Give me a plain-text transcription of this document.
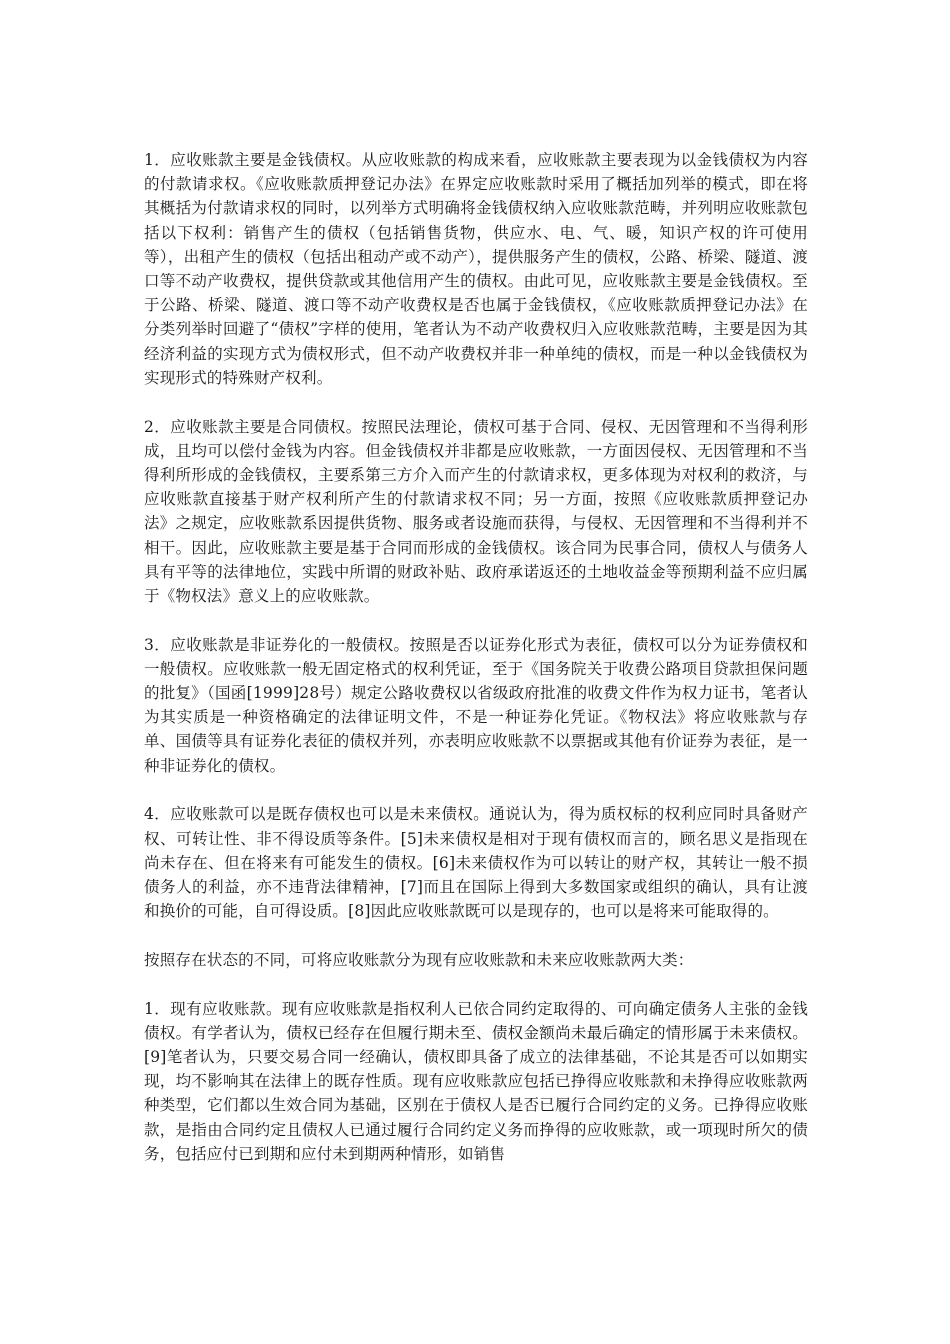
1．应收账款主要是金钱债权。从应收账款的构成来看，应收账款主要表现为以金钱债权为内容的付款请求权。《应收账款质押登记办法》在界定应收账款时采用了概括加列举的模式，即在将其概括为付款请求权的同时，以列举方式明确将金钱债权纳入应收账款范畴，并列明应收账款包括以下权利：销售产生的债权（包括销售货物，供应水、电、气、暖，知识产权的许可使用等），出租产生的债权（包括出租动产或不动产），提供服务产生的债权，公路、桥梁、隧道、渡口等不动产收费权，提供贷款或其他信用产生的债权。由此可见，应收账款主要是金钱债权。至于公路、桥梁、隧道、渡口等不动产收费权是否也属于金钱债权，《应收账款质押登记办法》在分类列举时回避了“债权”字样的使用，笔者认为不动产收费权归入应收账款范畴，主要是因为其经济利益的实现方式为债权形式，但不动产收费权并非一种单纯的债权，而是一种以金钱债权为实现形式的特殊财产权利。

2．应收账款主要是合同债权。按照民法理论，债权可基于合同、侵权、无因管理和不当得利形成，且均可以偿付金钱为内容。但金钱债权并非都是应收账款，一方面因侵权、无因管理和不当得利所形成的金钱债权，主要系第三方介入而产生的付款请求权，更多体现为对权利的救济，与应收账款直接基于财产权利所产生的付款请求权不同；另一方面，按照《应收账款质押登记办法》之规定，应收账款系因提供货物、服务或者设施而获得，与侵权、无因管理和不当得利并不相干。因此，应收账款主要是基于合同而形成的金钱债权。该合同为民事合同，债权人与债务人具有平等的法律地位，实践中所谓的财政补贴、政府承诺返还的土地收益金等预期利益不应归属于《物权法》意义上的应收账款。

3．应收账款是非证券化的一般债权。按照是否以证券化形式为表征，债权可以分为证券债权和一般债权。应收账款一般无固定格式的权利凭证，至于《国务院关于收费公路项目贷款担保问题的批复》（国函[1999]28号）规定公路收费权以省级政府批准的收费文件作为权力证书，笔者认为其实质是一种资格确定的法律证明文件，不是一种证券化凭证。《物权法》将应收账款与存单、国债等具有证券化表征的债权并列，亦表明应收账款不以票据或其他有价证券为表征，是一种非证券化的债权。

4．应收账款可以是既存债权也可以是未来债权。通说认为，得为质权标的权利应同时具备财产权、可转让性、非不得设质等条件。[5]未来债权是相对于现有债权而言的，顾名思义是指现在尚未存在、但在将来有可能发生的债权。[6]未来债权作为可以转让的财产权，其转让一般不损债务人的利益，亦不违背法律精神，[7]而且在国际上得到大多数国家或组织的确认，具有让渡和换价的可能，自可得设质。[8]因此应收账款既可以是现存的，也可以是将来可能取得的。

按照存在状态的不同，可将应收账款分为现有应收账款和未来应收账款两大类：

1．现有应收账款。现有应收账款是指权利人已依合同约定取得的、可向确定债务人主张的金钱债权。有学者认为，债权已经存在但履行期未至、债权金额尚未最后确定的情形属于未来债权。[9]笔者认为，只要交易合同一经确认，债权即具备了成立的法律基础，不论其是否可以如期实现，均不影响其在法律上的既存性质。现有应收账款应包括已挣得应收账款和未挣得应收账款两种类型，它们都以生效合同为基础，区别在于债权人是否已履行合同约定的义务。已挣得应收账款，是指由合同约定且债权人已通过履行合同约定义务而挣得的应收账款，或一项现时所欠的债务，包括应付已到期和应付未到期两种情形，如销售
